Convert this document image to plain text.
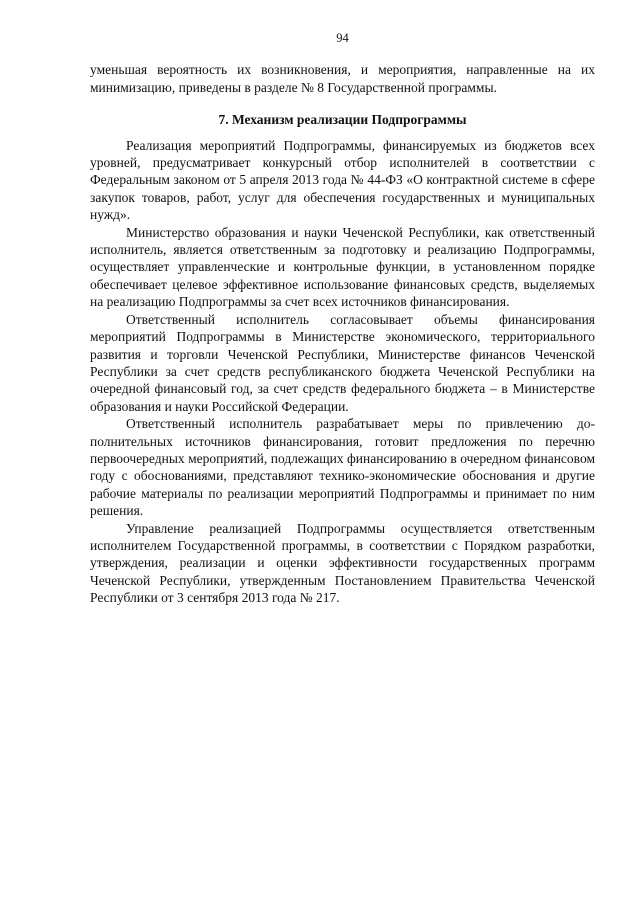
94

уменьшая вероятность их возникновения, и мероприятия, направленные на их минимизацию, приведены в разделе № 8 Государственной программы.

7. Механизм реализации Подпрограммы

Реализация мероприятий Подпрограммы, финансируемых из бюджетов всех уровней, предусматривает конкурсный отбор исполнителей в соответствии с Федеральным законом от 5 апреля 2013 года № 44-ФЗ «О контрактной системе в сфере закупок товаров, работ, услуг для обеспечения государственных и муниципальных нужд».

Министерство образования и науки Чеченской Республики, как ответственный исполнитель, является ответственным за подготовку и реализацию Подпрограммы, осуществляет управленческие и контрольные функции, в установленном порядке обеспечивает целевое эффективное использование финансовых средств, выделяемых на реализацию Подпрограммы за счет всех источников финансирования.

Ответственный исполнитель согласовывает объемы финансирования мероприятий Подпрограммы в Министерстве экономического, территориального развития и торговли Чеченской Республики, Министерстве финансов Чеченской Республики за счет средств республиканского бюджета Чеченской Республики на очередной финансовый год, за счет средств федерального бюджета – в Министерстве образования и науки Российской Федерации.

Ответственный исполнитель разрабатывает меры по привлечению дополнительных источников финансирования, готовит предложения по перечню первоочередных мероприятий, подлежащих финансированию в очередном финансовом году с обоснованиями, представляют технико-экономические обоснования и другие рабочие материалы по реализации мероприятий Подпрограммы и принимает по ним решения.

Управление реализацией Подпрограммы осуществляется ответственным исполнителем Государственной программы, в соответствии с Порядком разработки, утверждения, реализации и оценки эффективности государственных программ Чеченской Республики, утвержденным Постановлением Правительства Чеченской Республики от 3 сентября 2013 года № 217.
